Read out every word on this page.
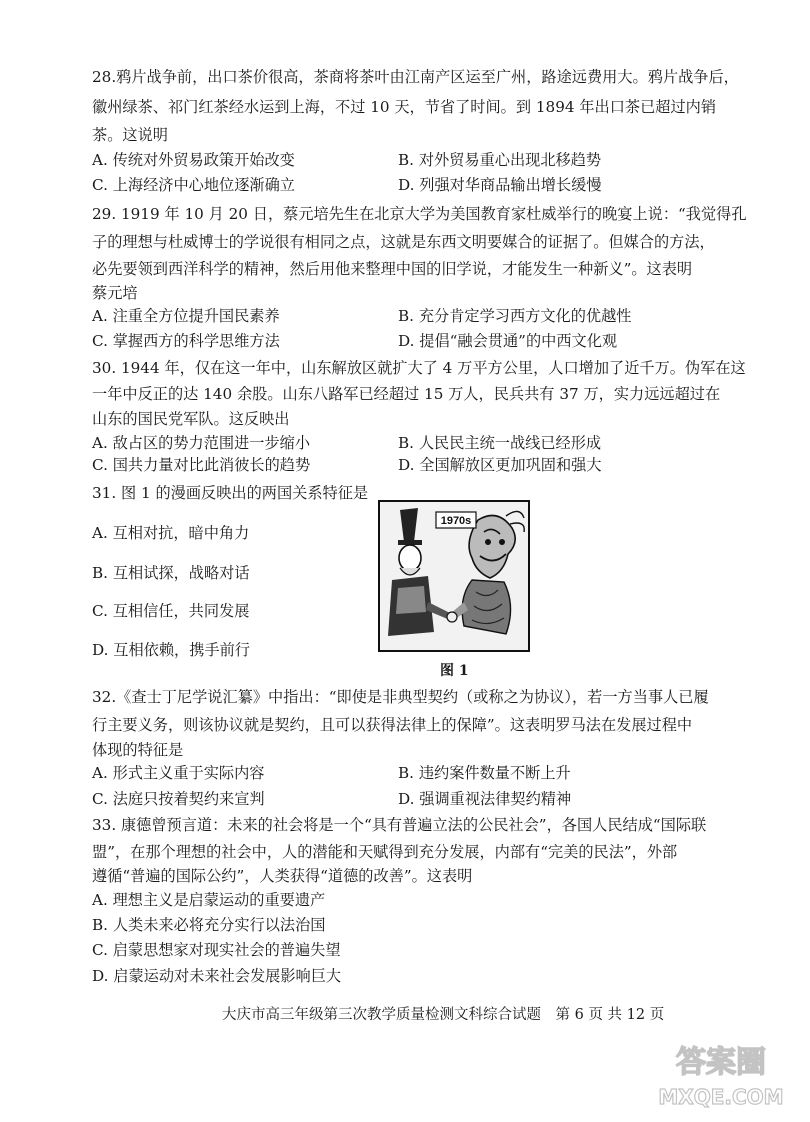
28.鸦片战争前，出口茶价很高，茶商将茶叶由江南产区运至广州，路途远费用大。鸦片战争后，
徽州绿茶、祁门红茶经水运到上海，不过 10 天，节省了时间。到 1894 年出口茶已超过内销
茶。这说明
A. 传统对外贸易政策开始改变	B. 对外贸易重心出现北移趋势
C. 上海经济中心地位逐渐确立	D. 列强对华商品输出增长缓慢
29. 1919 年 10 月 20 日，蔡元培先生在北京大学为美国教育家杜威举行的晚宴上说：“我觉得孔
子的理想与杜威博士的学说很有相同之点，这就是东西文明要媒合的证据了。但媒合的方法，
必先要领到西洋科学的精神，然后用他来整理中国的旧学说，才能发生一种新义”。这表明
蔡元培
A. 注重全方位提升国民素养	B. 充分肯定学习西方文化的优越性
C. 掌握西方的科学思维方法	D. 提倡“融会贯通”的中西文化观
30. 1944 年，仅在这一年中，山东解放区就扩大了 4 万平方公里，人口增加了近千万。伪军在这
一年中反正的达 140 余股。山东八路军已经超过 15 万人，民兵共有 37 万，实力远远超过在
山东的国民党军队。这反映出
A. 敌占区的势力范围进一步缩小	B. 人民民主统一战线已经形成
C. 国共力量对比此消彼长的趋势	D. 全国解放区更加巩固和强大
31. 图 1 的漫画反映出的两国关系特征是
A. 互相对抗，暗中角力
B. 互相试探，战略对话
C. 互相信任，共同发展
D. 互相依赖，携手前行
1970s
图 1
32.《查士丁尼学说汇纂》中指出：“即使是非典型契约（或称之为协议），若一方当事人已履
行主要义务，则该协议就是契约，且可以获得法律上的保障”。这表明罗马法在发展过程中
体现的特征是
A. 形式主义重于实际内容	B. 违约案件数量不断上升
C. 法庭只按着契约来宣判	D. 强调重视法律契约精神
33. 康德曾预言道：未来的社会将是一个“具有普遍立法的公民社会”，各国人民结成“国际联
盟”，在那个理想的社会中，人的潜能和天赋得到充分发展，内部有“完美的民法”，外部
遵循“普遍的国际公约”，人类获得“道德的改善”。这表明
A. 理想主义是启蒙运动的重要遗产
B. 人类未来必将充分实行以法治国
C. 启蒙思想家对现实社会的普遍失望
D. 启蒙运动对未来社会发展影响巨大
大庆市高三年级第三次教学质量检测文科综合试题　第 6 页 共 12 页
答案圈
MXQE.COM
